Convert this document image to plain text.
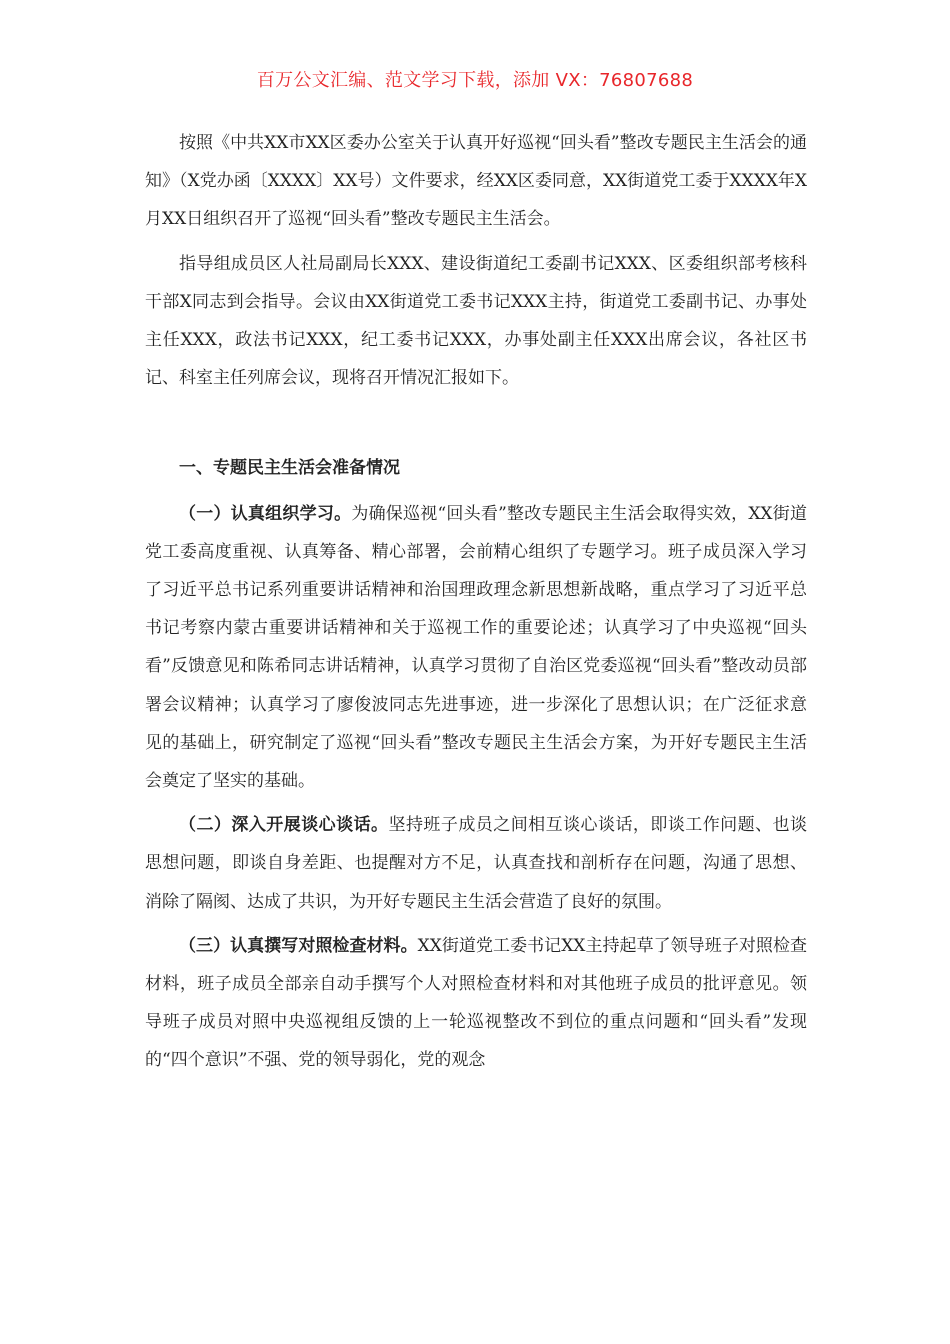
百万公文汇编、范文学习下载，添加 VX：76807688

按照《中共XX市XX区委办公室关于认真开好巡视“回头看”整改专题民主生活会的通知》（X党办函〔XXXX〕XX号）文件要求，经XX区委同意，XX街道党工委于XXXX年X月XX日组织召开了巡视“回头看”整改专题民主生活会。

指导组成员区人社局副局长XXX、建设街道纪工委副书记XXX、区委组织部考核科干部X同志到会指导。会议由XX街道党工委书记XXX主持，街道党工委副书记、办事处主任XXX，政法书记XXX，纪工委书记XXX，办事处副主任XXX出席会议，各社区书记、科室主任列席会议，现将召开情况汇报如下。

一、专题民主生活会准备情况

（一）认真组织学习。为确保巡视“回头看”整改专题民主生活会取得实效，XX街道党工委高度重视、认真筹备、精心部署，会前精心组织了专题学习。班子成员深入学习了习近平总书记系列重要讲话精神和治国理政理念新思想新战略，重点学习了习近平总书记考察内蒙古重要讲话精神和关于巡视工作的重要论述；认真学习了中央巡视“回头看”反馈意见和陈希同志讲话精神，认真学习贯彻了自治区党委巡视“回头看”整改动员部署会议精神；认真学习了廖俊波同志先进事迹，进一步深化了思想认识；在广泛征求意见的基础上，研究制定了巡视“回头看”整改专题民主生活会方案，为开好专题民主生活会奠定了坚实的基础。

（二）深入开展谈心谈话。坚持班子成员之间相互谈心谈话，即谈工作问题、也谈思想问题，即谈自身差距、也提醒对方不足，认真查找和剖析存在问题，沟通了思想、消除了隔阂、达成了共识，为开好专题民主生活会营造了良好的氛围。

（三）认真撰写对照检查材料。XX街道党工委书记XX主持起草了领导班子对照检查材料，班子成员全部亲自动手撰写个人对照检查材料和对其他班子成员的批评意见。领导班子成员对照中央巡视组反馈的上一轮巡视整改不到位的重点问题和“回头看”发现的“四个意识”不强、党的领导弱化，党的观念
